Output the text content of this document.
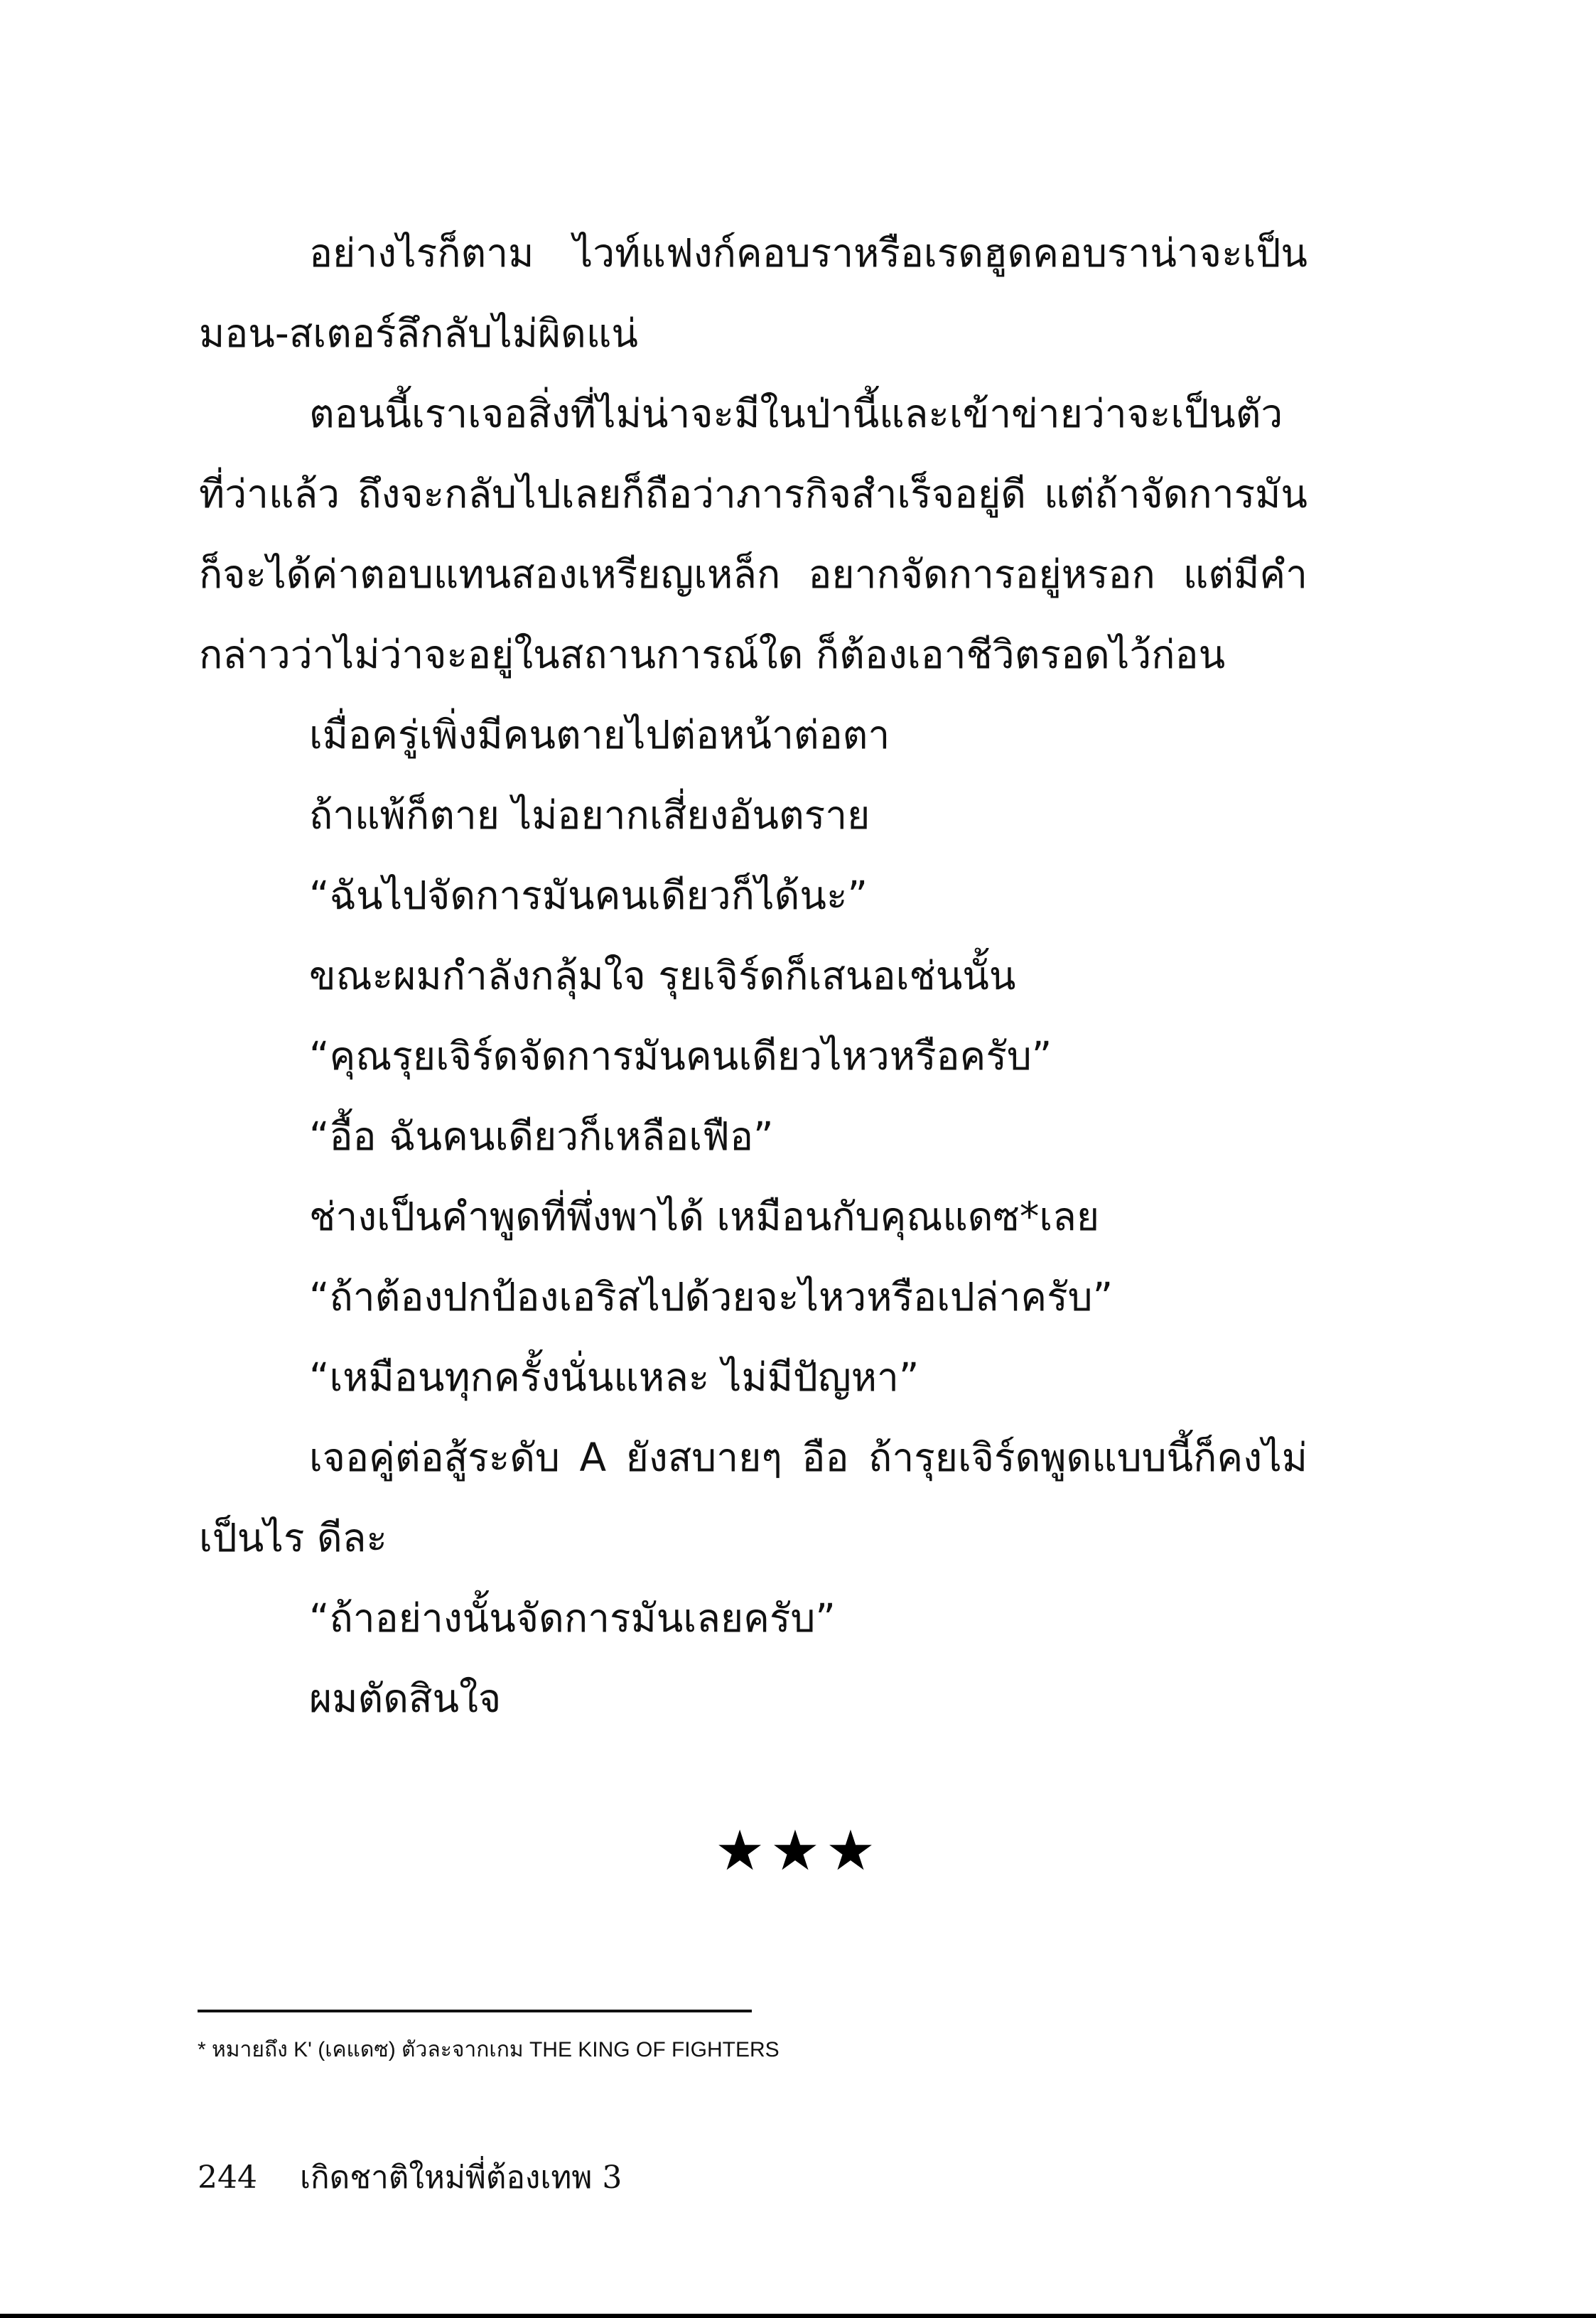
อย่างไรก็ตาม ไวท์แฟงก์คอบราหรือเรดฮูดคอบราน่าจะเป็นมอน-สเตอร์ลึกลับไม่ผิดแน่

ตอนนี้เราเจอสิ่งที่ไม่น่าจะมีในป่านี้และเข้าข่ายว่าจะเป็นตัวที่ว่าแล้ว ถึงจะกลับไปเลยก็ถือว่าภารกิจสำเร็จอยู่ดี แต่ถ้าจัดการมันก็จะได้ค่าตอบแทนสองเหรียญเหล็ก อยากจัดการอยู่หรอก แต่มีคำกล่าวว่าไม่ว่าจะอยู่ในสถานการณ์ใด ก็ต้องเอาชีวิตรอดไว้ก่อน

เมื่อครู่เพิ่งมีคนตายไปต่อหน้าต่อตา

ถ้าแพ้ก็ตาย ไม่อยากเสี่ยงอันตราย

“ฉันไปจัดการมันคนเดียวก็ได้นะ”

ขณะผมกำลังกลุ้มใจ รุยเจิร์ดก็เสนอเช่นนั้น

“คุณรุยเจิร์ดจัดการมันคนเดียวไหวหรือครับ”

“อื้อ ฉันคนเดียวก็เหลือเฟือ”

ช่างเป็นคำพูดที่พึ่งพาได้ เหมือนกับคุณแดซ*เลย

“ถ้าต้องปกป้องเอริสไปด้วยจะไหวหรือเปล่าครับ”

“เหมือนทุกครั้งนั่นแหละ ไม่มีปัญหา”

เจอคู่ต่อสู้ระดับ A ยังสบายๆ อือ ถ้ารุยเจิร์ดพูดแบบนี้ก็คงไม่เป็นไร ดีละ

“ถ้าอย่างนั้นจัดการมันเลยครับ”

ผมตัดสินใจ

★★★
* หมายถึง K' (เคแดซ) ตัวละจากเกม THE KING OF FIGHTERS
244 เกิดชาติใหม่พี่ต้องเทพ 3
